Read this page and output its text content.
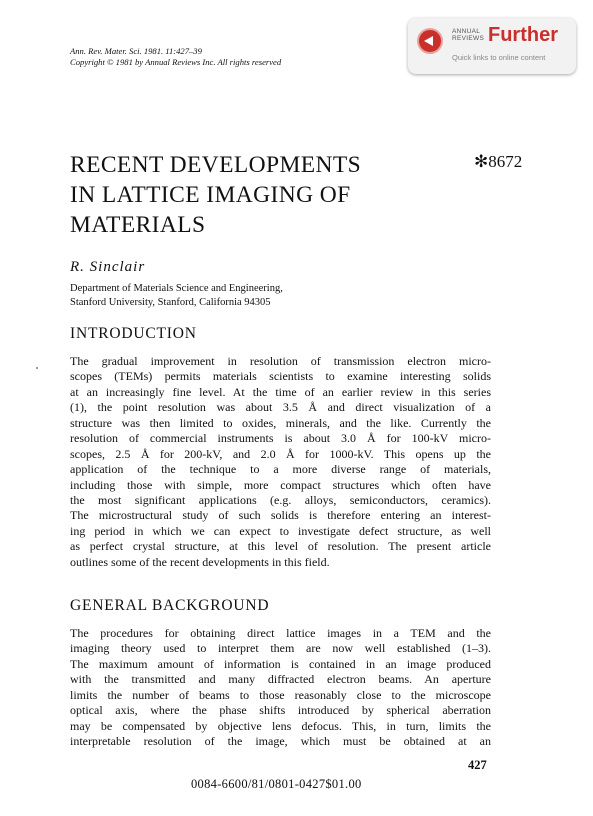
Ann. Rev. Mater. Sci. 1981. 11:427–39
Copyright © 1981 by Annual Reviews Inc. All rights reserved
ANNUAL
REVIEWS Further
Quick links to online content
RECENT DEVELOPMENTS
IN LATTICE IMAGING OF
MATERIALS
✻8672
R. Sinclair
Department of Materials Science and Engineering,
Stanford University, Stanford, California 94305
INTRODUCTION
The gradual improvement in resolution of transmission electron micro-
scopes (TEMs) permits materials scientists to examine interesting solids
at an increasingly fine level. At the time of an earlier review in this series
(1), the point resolution was about 3.5 Å and direct visualization of a
structure was then limited to oxides, minerals, and the like. Currently the
resolution of commercial instruments is about 3.0 Å for 100-kV micro-
scopes, 2.5 Å for 200-kV, and 2.0 Å for 1000-kV. This opens up the
application of the technique to a more diverse range of materials,
including those with simple, more compact structures which often have
the most significant applications (e.g. alloys, semiconductors, ceramics).
The microstructural study of such solids is therefore entering an interest-
ing period in which we can expect to investigate defect structure, as well
as perfect crystal structure, at this level of resolution. The present article
outlines some of the recent developments in this field.
GENERAL BACKGROUND
The procedures for obtaining direct lattice images in a TEM and the
imaging theory used to interpret them are now well established (1–3).
The maximum amount of information is contained in an image produced
with the transmitted and many diffracted electron beams. An aperture
limits the number of beams to those reasonably close to the microscope
optical axis, where the phase shifts introduced by spherical aberration
may be compensated by objective lens defocus. This, in turn, limits the
interpretable resolution of the image, which must be obtained at an
427
0084-6600/81/0801-0427$01.00
